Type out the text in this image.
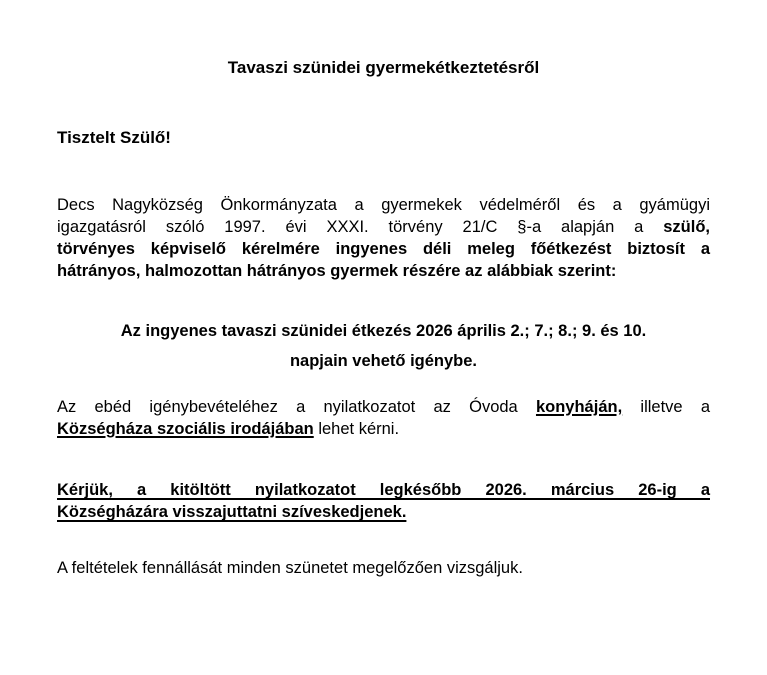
Tavaszi szünidei gyermekétkeztetésről
Tisztelt Szülő!
Decs Nagyközség Önkormányzata a gyermekek védelméről és a gyámügyi
igazgatásról szóló 1997. évi XXXI. törvény 21/C §-a alapján a szülő,
törvényes képviselő kérelmére ingyenes déli meleg főétkezést biztosít a
hátrányos, halmozottan hátrányos gyermek részére az alábbiak szerint:
Az ingyenes tavaszi szünidei étkezés 2026 április 2.; 7.; 8.; 9. és 10.
napjain vehető igénybe.
Az ebéd igénybevételéhez a nyilatkozatot az Óvoda konyháján, illetve a
Községháza szociális irodájában lehet kérni.
Kérjük, a kitöltött nyilatkozatot legkésőbb 2026. március 26-ig a
Községházára visszajuttatni szíveskedjenek.
A feltételek fennállását minden szünetet megelőzően vizsgáljuk.
